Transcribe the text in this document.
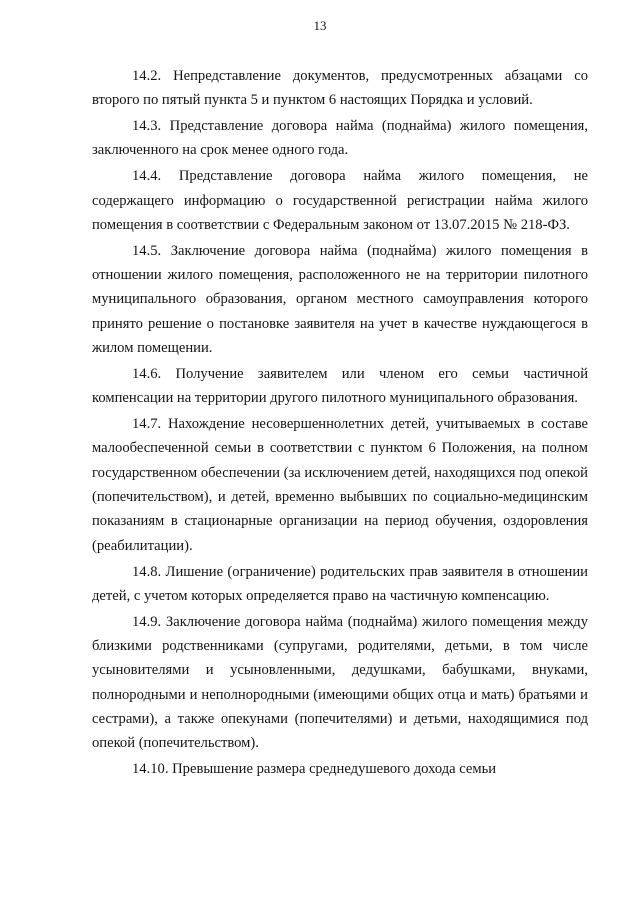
13

14.2. Непредставление документов, предусмотренных абзацами со второго по пятый пункта 5 и пунктом 6 настоящих Порядка и условий.

14.3. Представление договора найма (поднайма) жилого помещения, заключенного на срок менее одного года.

14.4. Представление договора найма жилого помещения, не содержащего информацию о государственной регистрации найма жилого помещения в соответствии с Федеральным законом от 13.07.2015 № 218-ФЗ.

14.5. Заключение договора найма (поднайма) жилого помещения в отношении жилого помещения, расположенного не на территории пилотного муниципального образования, органом местного самоуправления которого принято решение о постановке заявителя на учет в качестве нуждающегося в жилом помещении.

14.6. Получение заявителем или членом его семьи частичной компенсации на территории другого пилотного муниципального образования.

14.7. Нахождение несовершеннолетних детей, учитываемых в составе малообеспеченной семьи в соответствии с пунктом 6 Положения, на полном государственном обеспечении (за исключением детей, находящихся под опекой (попечительством), и детей, временно выбывших по социально-медицинским показаниям в стационарные организации на период обучения, оздоровления (реабилитации).

14.8. Лишение (ограничение) родительских прав заявителя в отношении детей, с учетом которых определяется право на частичную компенсацию.

14.9. Заключение договора найма (поднайма) жилого помещения между близкими родственниками (супругами, родителями, детьми, в том числе усыновителями и усыновленными, дедушками, бабушками, внуками, полнородными и неполнородными (имеющими общих отца и мать) братьями и сестрами), а также опекунами (попечителями) и детьми, находящимися под опекой (попечительством).

14.10. Превышение размера среднедушевого дохода семьи
